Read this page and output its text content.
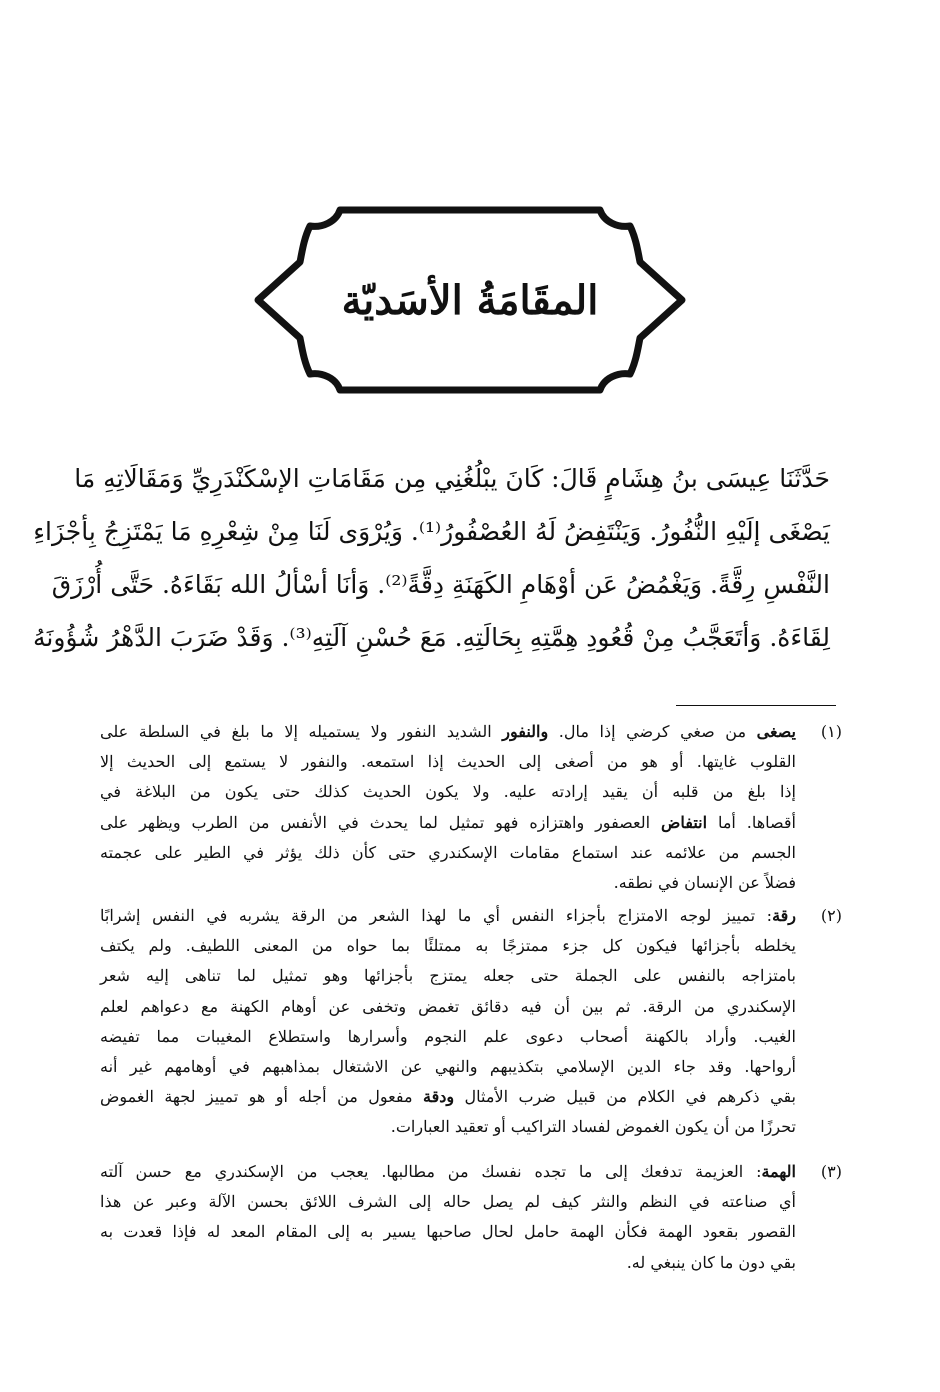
المقَامَةُ الأسَديّة
حَدَّثَنَا عِيسَى بنُ هِشَامٍ قَالَ: كَانَ يبْلُغُنِي مِن مَقَامَاتِ الإسْكَنْدَرِيِّ وَمَقَالَاتِهِ مَا
يَصْغَى إلَيْهِ النُّفُورُ. وَيَنْتَفِضُ لَهُ العُصْفُورُ⁽¹⁾. وَيُرْوَى لَنَا مِنْ شِعْرِهِ مَا يَمْتَزِجُ بِأجْزَاءِ
النَّفْسِ رِقَّةً. وَيَغْمُضُ عَن أوْهَامِ الكَهَنَةِ دِقَّةً⁽²⁾. وَأنَا أسْألُ الله بَقَاءَهُ. حَتَّى أُرْزَقَ
لِقَاءَهُ. وَأتَعَجَّبُ مِنْ قُعُودِ هِمَّتِهِ بِحَالَتِهِ. مَعَ حُسْنِ آلَتِهِ⁽³⁾. وَقَدْ ضَرَبَ الدَّهْرُ شُؤُونَهُ
(١)
يصغى من صغي كرضي إذا مال. والنفور الشديد النفور ولا يستميله إلا ما بلغ في السلطة على
القلوب غايتها. أو هو من أصغى إلى الحديث إذا استمعه. والنفور لا يستمع إلى الحديث إلا
إذا بلغ من قلبه أن يقيد إرادته عليه. ولا يكون الحديث كذلك حتى يكون من البلاغة في
أقصاها. أما انتفاض العصفور واهتزازه فهو تمثيل لما يحدث في الأنفس من الطرب ويظهر على
الجسم من علائمه عند استماع مقامات الإسكندري حتى كأن ذلك يؤثر في الطير على عجمته
فضلاً عن الإنسان في نطقه.
(٢)
رقة: تمييز لوجه الامتزاج بأجزاء النفس أي ما لهذا الشعر من الرقة يشربه في النفس إشرابًا
يخلطه بأجزائها فيكون كل جزء ممتزجًا به ممتلئًا بما حواه من المعنى اللطيف. ولم يكتف
بامتزاجه بالنفس على الجملة حتى جعله يمتزج بأجزائها وهو تمثيل لما تناهى إليه شعر
الإسكندري من الرقة. ثم بين أن فيه دقائق تغمض وتخفى عن أوهام الكهنة مع دعواهم لعلم
الغيب. وأراد بالكهنة أصحاب دعوى علم النجوم وأسرارها واستطلاع المغيبات مما تفيضه
أرواحها. وقد جاء الدين الإسلامي بتكذيبهم والنهي عن الاشتغال بمذاهبهم في أوهامهم غير أنه
بقي ذكرهم في الكلام من قبيل ضرب الأمثال ودقة مفعول من أجله أو هو تمييز لجهة الغموض
تحرزًا من أن يكون الغموض لفساد التراكيب أو تعقيد العبارات.
(٣)
الهمة: العزيمة تدفعك إلى ما تجده نفسك من مطالبها. يعجب من الإسكندري مع حسن آلته
أي صناعته في النظم والنثر كيف لم يصل حاله إلى الشرف اللائق بحسن الآلة وعبر عن هذا
القصور بقعود الهمة فكأن الهمة حامل لحال صاحبها يسير به إلى المقام المعد له فإذا قعدت به
بقي دون ما كان ينبغي له.
